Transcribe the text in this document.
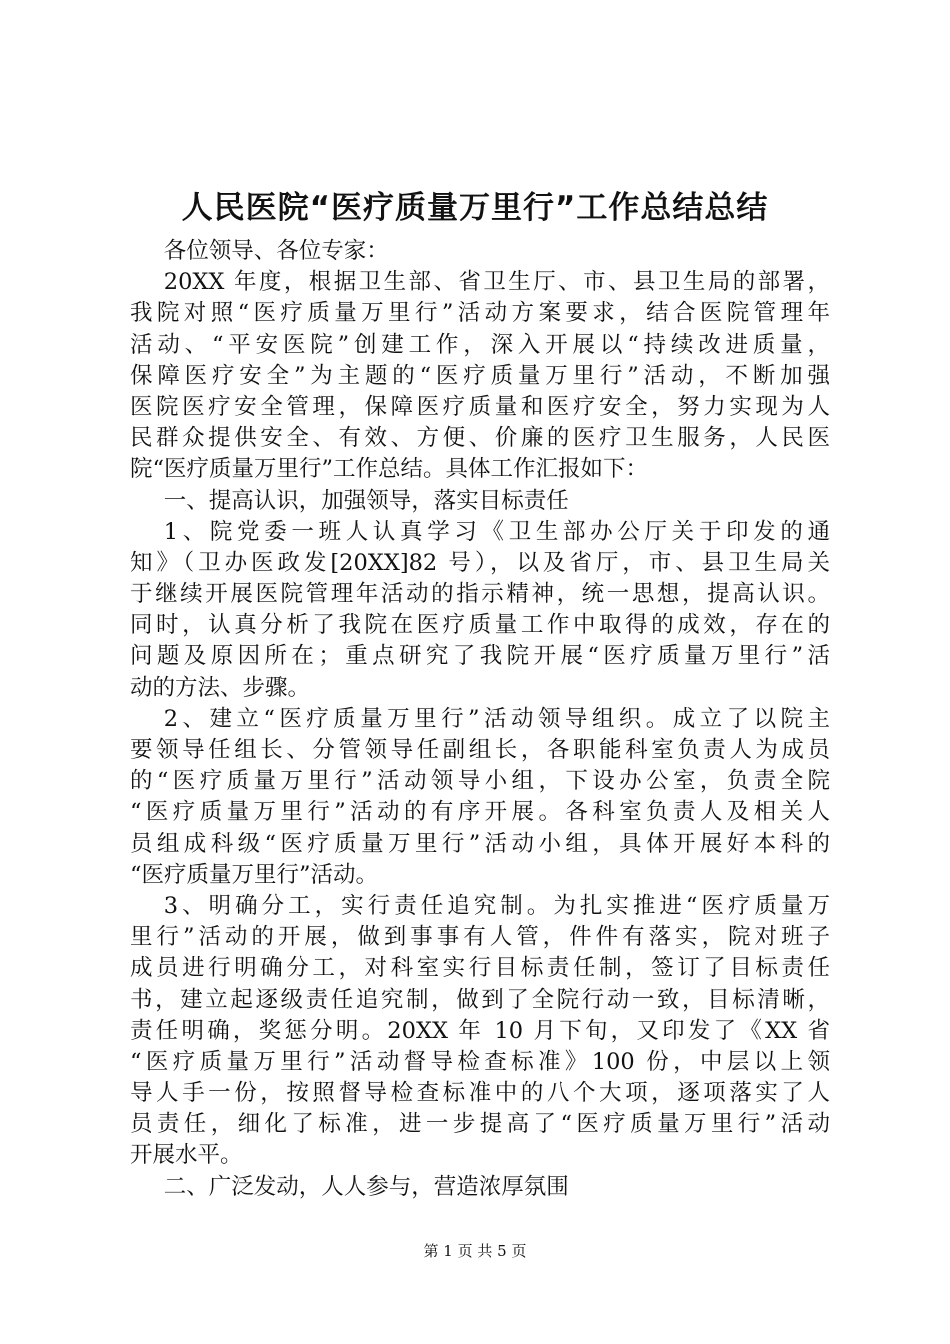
人民医院“医疗质量万里行”工作总结总结
各位领导、各位专家：
20XX 年度，根据卫生部、省卫生厅、市、县卫生局的部署，
我院对照“医疗质量万里行”活动方案要求，结合医院管理年
活动、“平安医院”创建工作，深入开展以“持续改进质量，
保障医疗安全”为主题的“医疗质量万里行”活动，不断加强
医院医疗安全管理，保障医疗质量和医疗安全，努力实现为人
民群众提供安全、有效、方便、价廉的医疗卫生服务，人民医
院“医疗质量万里行”工作总结。具体工作汇报如下：
一、提高认识，加强领导，落实目标责任
1、院党委一班人认真学习《卫生部办公厅关于印发的通
知》（卫办医政发[20XX]82 号），以及省厅，市、县卫生局关
于继续开展医院管理年活动的指示精神，统一思想，提高认识。
同时，认真分析了我院在医疗质量工作中取得的成效，存在的
问题及原因所在；重点研究了我院开展“医疗质量万里行”活
动的方法、步骤。
2、建立“医疗质量万里行”活动领导组织。成立了以院主
要领导任组长、分管领导任副组长，各职能科室负责人为成员
的“医疗质量万里行”活动领导小组，下设办公室，负责全院
“医疗质量万里行”活动的有序开展。各科室负责人及相关人
员组成科级“医疗质量万里行”活动小组，具体开展好本科的
“医疗质量万里行”活动。
3、明确分工，实行责任追究制。为扎实推进“医疗质量万
里行”活动的开展，做到事事有人管，件件有落实，院对班子
成员进行明确分工，对科室实行目标责任制，签订了目标责任
书，建立起逐级责任追究制，做到了全院行动一致，目标清晰，
责任明确，奖惩分明。20XX 年 10 月下旬，又印发了《XX 省
“医疗质量万里行”活动督导检查标准》100 份，中层以上领
导人手一份，按照督导检查标准中的八个大项，逐项落实了人
员责任，细化了标准，进一步提高了“医疗质量万里行”活动
开展水平。
二、广泛发动，人人参与，营造浓厚氛围
第 1 页 共 5 页
